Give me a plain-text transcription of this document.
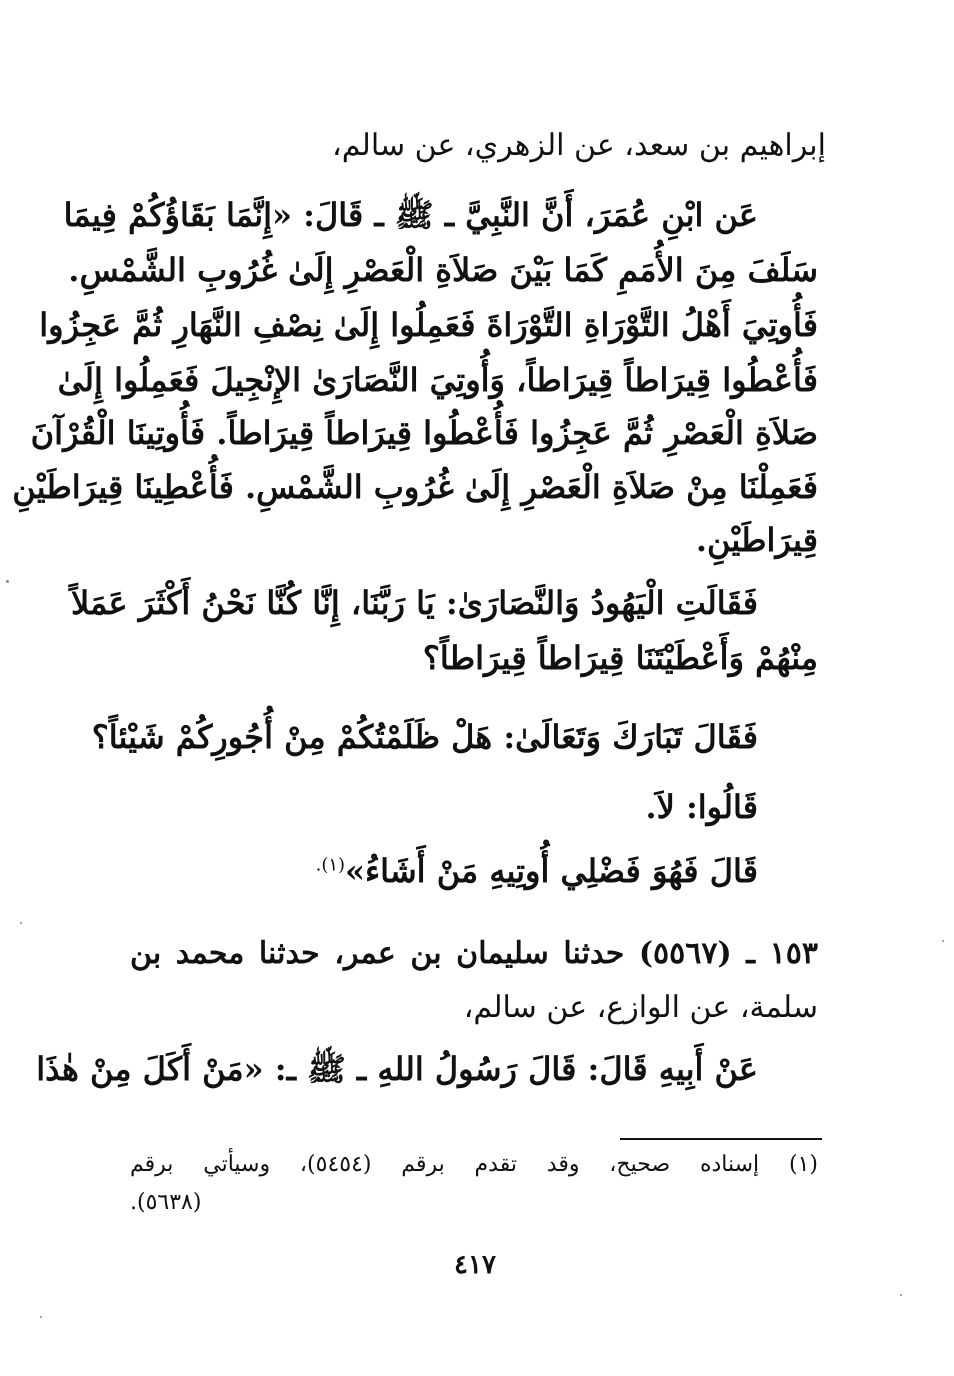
إبراهيم بن سعد، عن الزهري، عن سالم،
عَن ابْنِ عُمَرَ، أَنَّ النَّبِيَّ ـ ﷺ ـ قَالَ: «إِنَّمَا بَقَاؤُكُمْ فِيمَا
سَلَفَ مِنَ الأُمَمِ كَمَا بَيْنَ صَلاَةِ الْعَصْرِ إِلَىٰ غُرُوبِ الشَّمْسِ.
فَأُوتِيَ أَهْلُ التَّوْرَاةِ التَّوْرَاةَ فَعَمِلُوا إِلَىٰ نِصْفِ النَّهَارِ ثُمَّ عَجِزُوا
فَأُعْطُوا قِيرَاطاً قِيرَاطاً، وَأُوتِيَ النَّصَارَىٰ الإِنْجِيلَ فَعَمِلُوا إِلَىٰ
صَلاَةِ الْعَصْرِ ثُمَّ عَجِزُوا فَأُعْطُوا قِيرَاطاً قِيرَاطاً. فَأُوتِينَا الْقُرْآنَ
فَعَمِلْنَا مِنْ صَلاَةِ الْعَصْرِ إِلَىٰ غُرُوبِ الشَّمْسِ. فَأُعْطِينَا قِيرَاطَيْنِ
قِيرَاطَيْنِ.
فَقَالَتِ الْيَهُودُ وَالنَّصَارَىٰ: يَا رَبَّنَا، إِنَّا كُنَّا نَحْنُ أَكْثَرَ عَمَلاً
مِنْهُمْ وَأَعْطَيْتَنَا قِيرَاطاً قِيرَاطاً؟
فَقَالَ تَبَارَكَ وَتَعَالَىٰ: هَلْ ظَلَمْتُكُمْ مِنْ أُجُورِكُمْ شَيْئاً؟
قَالُوا: لاَ.
قَالَ فَهُوَ فَضْلِي أُوتِيهِ مَنْ أَشَاءُ»$^{(١).}$
١٥٣ ـ (٥٥٦٧) حدثنا سليمان بن عمر، حدثنا محمد بن
سلمة، عن الوازع، عن سالم،
عَنْ أَبِيهِ قَالَ: قَالَ رَسُولُ اللهِ ـ ﷺ ـ: «مَنْ أَكَلَ مِنْ هٰذَا
(١) إسناده صحيح، وقد تقدم برقم (٥٤٥٤)، وسيأتي برقم
(٥٦٣٨).
٤١٧
